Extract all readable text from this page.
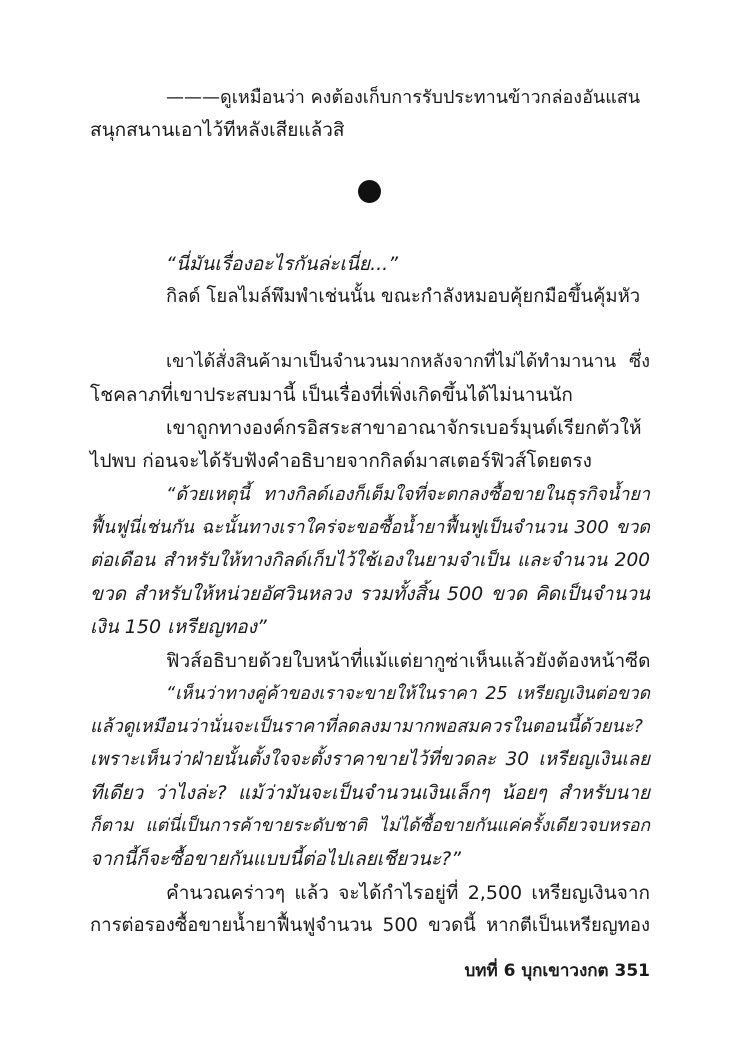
———ดูเหมือนว่า คงต้องเก็บการรับประทานข้าวกล่องอันแสน
สนุกสนานเอาไว้ทีหลังเสียแล้วสิ
“นี่มันเรื่องอะไรกันล่ะเนี่ย...”
กิลด์ โยลไมล์พึมพำเช่นนั้น ขณะกำลังหมอบคุ้ยกมือขึ้นคุ้มหัว
เขาได้สั่งสินค้ามาเป็นจำนวนมากหลังจากที่ไม่ได้ทำมานาน ซึ่ง
โชคลาภที่เขาประสบมานี้ เป็นเรื่องที่เพิ่งเกิดขึ้นได้ไม่นานนัก
เขาถูกทางองค์กรอิสระสาขาอาณาจักรเบอร์มุนด์เรียกตัวให้
ไปพบ ก่อนจะได้รับฟังคำอธิบายจากกิลด์มาสเตอร์ฟิวส์โดยตรง
“ด้วยเหตุนี้ ทางกิลด์เองก็เต็มใจที่จะตกลงซื้อขายในธุรกิจน้ำยา
ฟื้นฟูนี่เช่นกัน ฉะนั้นทางเราใคร่จะขอซื้อน้ำยาฟื้นฟูเป็นจำนวน 300 ขวด
ต่อเดือน สำหรับให้ทางกิลด์เก็บไว้ใช้เองในยามจำเป็น และจำนวน 200
ขวด สำหรับให้หน่วยอัศวินหลวง รวมทั้งสิ้น 500 ขวด คิดเป็นจำนวน
เงิน 150 เหรียญทอง”
ฟิวส์อธิบายด้วยใบหน้าที่แม้แต่ยากูซ่าเห็นแล้วยังต้องหน้าซีด
“เห็นว่าทางคู่ค้าของเราจะขายให้ในราคา 25 เหรียญเงินต่อขวด
แล้วดูเหมือนว่านั่นจะเป็นราคาที่ลดลงมามากพอสมควรในตอนนี้ด้วยนะ?
เพราะเห็นว่าฝ่ายนั้นตั้งใจจะตั้งราคาขายไว้ที่ขวดละ 30 เหรียญเงินเลย
ทีเดียว ว่าไงล่ะ? แม้ว่ามันจะเป็นจำนวนเงินเล็กๆ น้อยๆ สำหรับนาย
ก็ตาม แต่นี่เป็นการค้าขายระดับชาติ ไม่ได้ซื้อขายกันแค่ครั้งเดียวจบหรอก
จากนี้ก็จะซื้อขายกันแบบนี้ต่อไปเลยเชียวนะ?”
คำนวณคร่าวๆ แล้ว จะได้กำไรอยู่ที่ 2,500 เหรียญเงินจาก
การต่อรองซื้อขายน้ำยาฟื้นฟูจำนวน 500 ขวดนี้ หากตีเป็นเหรียญทอง
บทที่ 6 บุกเขาวงกต 351
